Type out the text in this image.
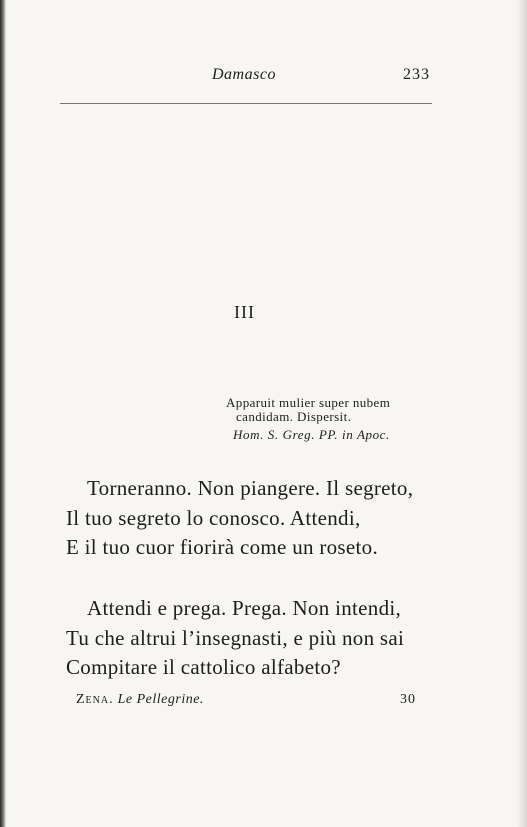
Damasco	233
III
Apparuit mulier super nubem
candidam. Dispersit.
Hom. S. Greg. PP. in Apoc.
Torneranno. Non piangere. Il segreto,
Il tuo segreto lo conosco. Attendi,
E il tuo cuor fiorirà come un roseto.
Attendi e prega. Prega. Non intendi,
Tu che altrui l’insegnasti, e più non sai
Compitare il cattolico alfabeto?
Zena. Le Pellegrine.	30
